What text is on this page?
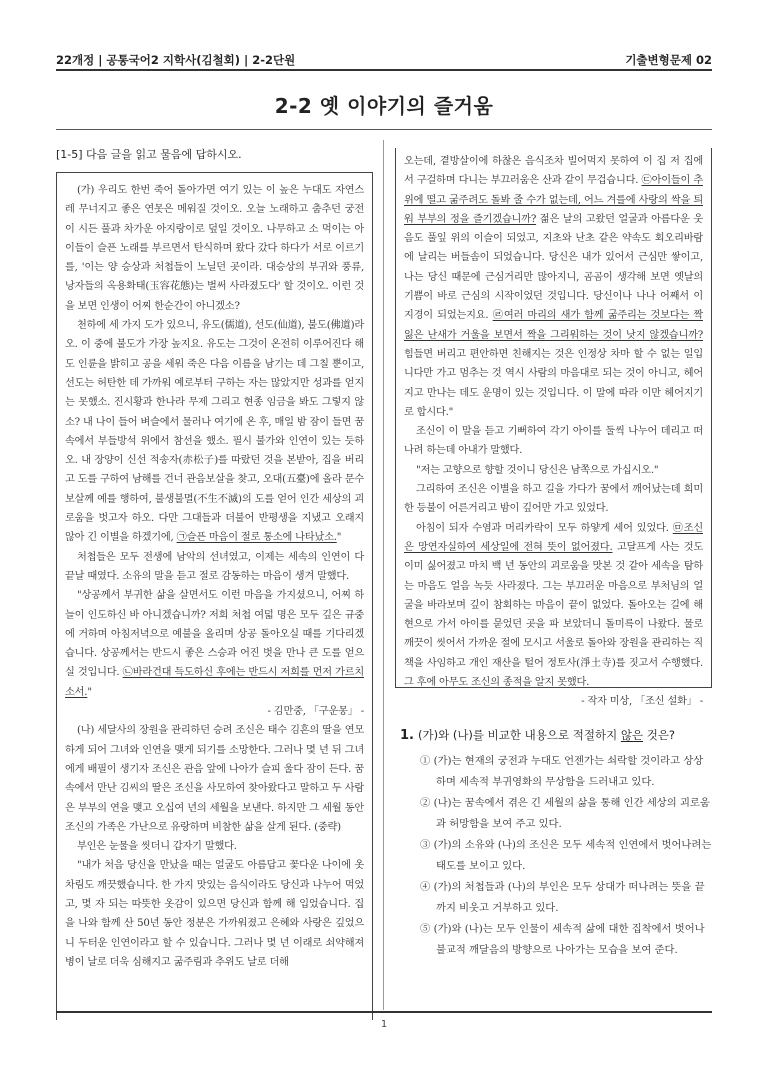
22개정 | 공통국어2 지학사(김철회) | 2-2단원	기출변형문제 02
2-2 옛 이야기의 즐거움
[1-5] 다음 글을 읽고 물음에 답하시오.

(가) 우리도 한번 죽어 돌아가면 여기 있는 이 높은 누대도 자연스레 무너지고 좋은 연못은 메워질 것이오. 오늘 노래하고 춤추던 궁전이 시든 풀과 차가운 아지랑이로 덮일 것이오. 나무하고 소 먹이는 아이들이 슬픈 노래를 부르면서 탄식하며 왔다 갔다 하다가 서로 이르기를, '이는 양 승상과 처첩들이 노닐던 곳이라. 대승상의 부귀와 풍류, 낭자들의 옥용화태(玉容花態)는 벌써 사라졌도다' 할 것이오. 이런 것을 보면 인생이 어찌 한순간이 아니겠소?

천하에 세 가지 도가 있으니, 유도(儒道), 선도(仙道), 불도(佛道)라오. 이 중에 불도가 가장 높지요. 유도는 그것이 온전히 이루어진다 해도 인륜을 밝히고 공을 세워 죽은 다음 이름을 남기는 데 그칠 뿐이고, 선도는 허탄한 데 가까워 예로부터 구하는 자는 많았지만 성과를 얻지는 못했소. 진시황과 한나라 무제 그리고 현종 임금을 봐도 그렇지 않소? 내 나이 들어 벼슬에서 물러나 여기에 온 후, 매일 밤 잠이 들면 꿈속에서 부들방석 위에서 참선을 했소. 필시 불가와 인연이 있는 듯하오. 내 장양이 신선 적송자(赤松子)를 따랐던 것을 본받아, 집을 버리고 도를 구하여 남해를 건너 관음보살을 찾고, 오대(五臺)에 올라 문수보살께 예를 행하여, 불생불멸(不生不滅)의 도를 얻어 인간 세상의 괴로움을 벗고자 하오. 다만 그대들과 더불어 반평생을 지냈고 오래지 않아 긴 이별을 하겠기에, ㉠슬픈 마음이 절로 통소에 나타났소."

처첩들은 모두 전생에 남악의 선녀였고, 이제는 세속의 인연이 다 끝날 때였다. 소유의 말을 듣고 절로 감동하는 마음이 생겨 말했다.

"상공께서 부귀한 삶을 살면서도 이런 마음을 가지셨으니, 어찌 하늘이 인도하신 바 아니겠습니까? 저희 처첩 여덟 명은 모두 깊은 규중에 거하며 아침저녁으로 예불을 올리며 상공 돌아오실 때를 기다리겠습니다. 상공께서는 반드시 좋은 스승과 어진 벗을 만나 큰 도를 얻으실 것입니다. ㉡바라건대 득도하신 후에는 반드시 저희를 먼저 가르치소서."

- 김만중, 「구운몽」 -

(나) 세달사의 장원을 관리하던 승려 조신은 태수 김흔의 딸을 연모하게 되어 그녀와 인연을 맺게 되기를 소망한다. 그러나 몇 년 뒤 그녀에게 배필이 생기자 조신은 관음 앞에 나아가 슬피 울다 잠이 든다. 꿈속에서 만난 김씨의 딸은 조신을 사모하여 찾아왔다고 말하고 두 사람은 부부의 연을 맺고 오십여 년의 세월을 보낸다. 하지만 그 세월 동안 조신의 가족은 가난으로 유랑하며 비참한 삶을 살게 된다. (중략)

부인은 눈물을 씻더니 갑자기 말했다.

"내가 처음 당신을 만났을 때는 얼굴도 아름답고 꽃다운 나이에 옷차림도 깨끗했습니다. 한 가지 맛있는 음식이라도 당신과 나누어 먹었고, 몇 자 되는 따뜻한 옷감이 있으면 당신과 함께 해 입었습니다. 집을 나와 함께 산 50년 동안 정분은 가까워졌고 은혜와 사랑은 깊었으니 두터운 인연이라고 할 수 있습니다. 그러나 몇 년 이래로 쇠약해져 병이 날로 더욱 심해지고 굶주림과 추위도 날로 더해

오는데, 곁방살이에 하찮은 음식조차 빌어먹지 못하여 이 집 저 집에서 구걸하며 다니는 부끄러움은 산과 같이 무겁습니다. ㉢아이들이 추위에 떨고 굶주려도 돌봐 줄 수가 없는데, 어느 겨를에 사랑의 싹을 틔워 부부의 정을 즐기겠습니까? 젊은 날의 고왔던 얼굴과 아름다운 웃음도 풀잎 위의 이슬이 되었고, 지초와 난초 같은 약속도 회오리바람에 날리는 버들솜이 되었습니다. 당신은 내가 있어서 근심만 쌓이고, 나는 당신 때문에 근심거리만 많아지니, 곰곰이 생각해 보면 옛날의 기쁨이 바로 근심의 시작이었던 것입니다. 당신이나 나나 어째서 이 지경이 되었는지요. ㉣여러 마리의 새가 함께 굶주리는 것보다는 짝 잃은 난새가 거울을 보면서 짝을 그리워하는 것이 낫지 않겠습니까? 힘들면 버리고 편안하면 친해지는 것은 인정상 차마 할 수 없는 일입니다만 가고 멈추는 것 역시 사람의 마음대로 되는 것이 아니고, 헤어지고 만나는 데도 운명이 있는 것입니다. 이 말에 따라 이만 헤어지기로 합시다."

조신이 이 말을 듣고 기뻐하여 각기 아이를 둘씩 나누어 데리고 떠나려 하는데 아내가 말했다.

"저는 고향으로 향할 것이니 당신은 남쪽으로 가십시오."

그리하여 조신은 이별을 하고 길을 가다가 꿈에서 깨어났는데 희미한 등불이 어른거리고 밤이 깊어만 가고 있었다.

아침이 되자 수염과 머리카락이 모두 하얗게 세어 있었다. ㉤조신은 망연자실하여 세상일에 전혀 뜻이 없어졌다. 고달프게 사는 것도 이미 싫어졌고 마치 백 년 동안의 괴로움을 맛본 것 같아 세속을 탐하는 마음도 얼음 녹듯 사라졌다. 그는 부끄러운 마음으로 부처님의 얼굴을 바라보며 깊이 참회하는 마음이 끝이 없었다. 돌아오는 길에 해현으로 가서 아이를 묻었던 곳을 파 보았더니 돌미륵이 나왔다. 물로 깨끗이 씻어서 가까운 절에 모시고 서울로 돌아와 장원을 관리하는 직책을 사임하고 개인 재산을 털어 정토사(淨土寺)를 짓고서 수행했다. 그 후에 아무도 조신의 종적을 알지 못했다.

- 작자 미상, 「조신 설화」 -
1. (가)와 (나)를 비교한 내용으로 적절하지 않은 것은?
① (가)는 현재의 궁전과 누대도 언젠가는 쇠락할 것이라고 상상하며 세속적 부귀영화의 무상함을 드러내고 있다.
② (나)는 꿈속에서 겪은 긴 세월의 삶을 통해 인간 세상의 괴로움과 허망함을 보여 주고 있다.
③ (가)의 소유와 (나)의 조신은 모두 세속적 인연에서 벗어나려는 태도를 보이고 있다.
④ (가)의 처첩들과 (나)의 부인은 모두 상대가 떠나려는 뜻을 끝까지 비웃고 거부하고 있다.
⑤ (가)와 (나)는 모두 인물이 세속적 삶에 대한 집착에서 벗어나 불교적 깨달음의 방향으로 나아가는 모습을 보여 준다.
1
